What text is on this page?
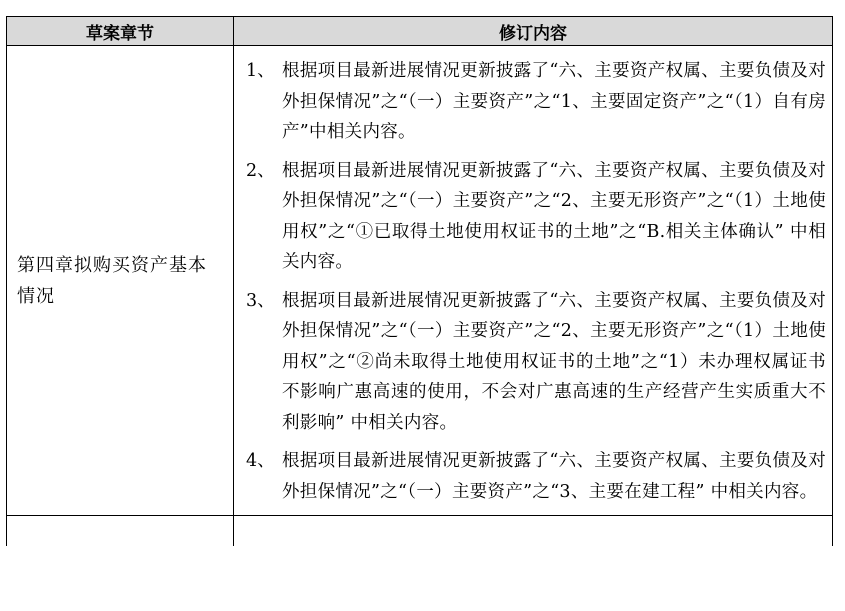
草案章节	修订内容
第四章拟购买资产基本情况
1、 根据项目最新进展情况更新披露了“六、主要资产权属、主要负债及对外担保情况”之“（一）主要资产”之“1、主要固定资产”之“（1）自有房产”中相关内容。
2、 根据项目最新进展情况更新披露了“六、主要资产权属、主要负债及对外担保情况”之“（一）主要资产”之“2、主要无形资产”之“（1）土地使用权”之“①已取得土地使用权证书的土地”之“B.相关主体确认” 中相关内容。
3、 根据项目最新进展情况更新披露了“六、主要资产权属、主要负债及对外担保情况”之“（一）主要资产”之“2、主要无形资产”之“（1）土地使用权”之“②尚未取得土地使用权证书的土地”之“1）未办理权属证书不影响广惠高速的使用，不会对广惠高速的生产经营产生实质重大不利影响” 中相关内容。
4、 根据项目最新进展情况更新披露了“六、主要资产权属、主要负债及对外担保情况”之“（一）主要资产”之“3、主要在建工程” 中相关内容。
